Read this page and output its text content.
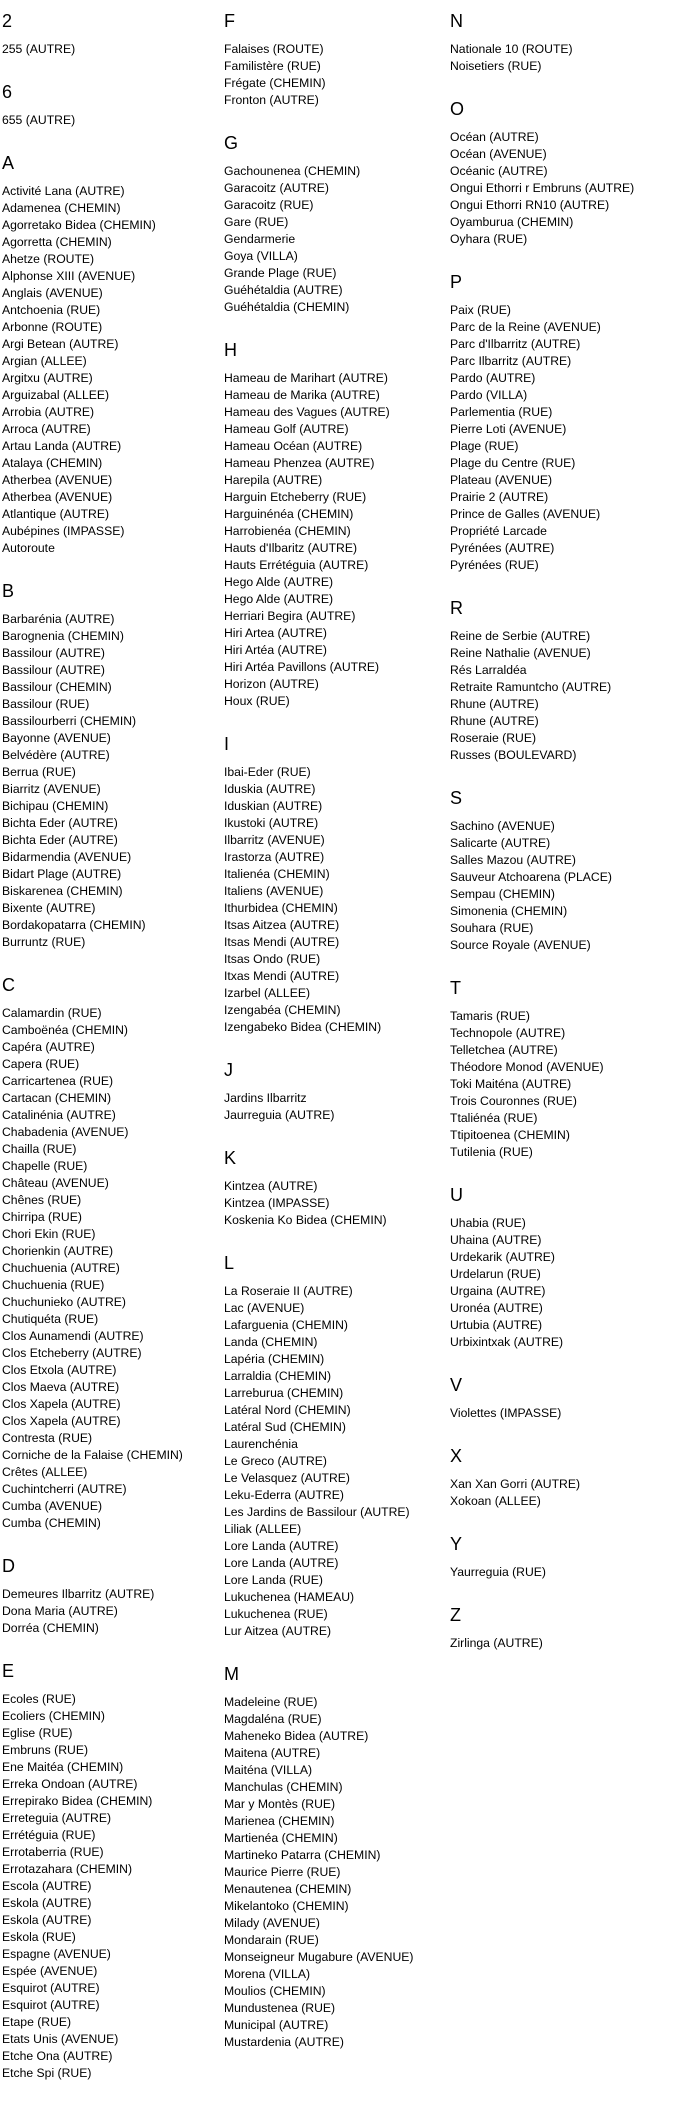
2
255 (AUTRE)
6
655 (AUTRE)
A
Activité Lana (AUTRE)
Adamenea (CHEMIN)
Agorretako Bidea (CHEMIN)
Agorretta (CHEMIN)
Ahetze (ROUTE)
Alphonse XIII (AVENUE)
Anglais (AVENUE)
Antchoenia (RUE)
Arbonne (ROUTE)
Argi Betean (AUTRE)
Argian (ALLEE)
Argitxu (AUTRE)
Arguizabal (ALLEE)
Arrobia (AUTRE)
Arroca (AUTRE)
Artau Landa (AUTRE)
Atalaya (CHEMIN)
Atherbea (AVENUE)
Atherbea (AVENUE)
Atlantique (AUTRE)
Aubépines (IMPASSE)
Autoroute
B
Barbarénia (AUTRE)
Barognenia (CHEMIN)
Bassilour (AUTRE)
Bassilour (AUTRE)
Bassilour (CHEMIN)
Bassilour (RUE)
Bassilourberri (CHEMIN)
Bayonne (AVENUE)
Belvédère (AUTRE)
Berrua (RUE)
Biarritz (AVENUE)
Bichipau (CHEMIN)
Bichta Eder (AUTRE)
Bichta Eder (AUTRE)
Bidarmendia (AVENUE)
Bidart Plage (AUTRE)
Biskarenea (CHEMIN)
Bixente (AUTRE)
Bordakopatarra (CHEMIN)
Burruntz (RUE)
C
Calamardin (RUE)
Camboënéa (CHEMIN)
Capéra (AUTRE)
Capera (RUE)
Carricartenea (RUE)
Cartacan (CHEMIN)
Catalinénia (AUTRE)
Chabadenia (AVENUE)
Chailla (RUE)
Chapelle (RUE)
Château (AVENUE)
Chênes (RUE)
Chirripa (RUE)
Chori Ekin (RUE)
Chorienkin (AUTRE)
Chuchuenia (AUTRE)
Chuchuenia (RUE)
Chuchunieko (AUTRE)
Chutiquéta (RUE)
Clos Aunamendi (AUTRE)
Clos Etcheberry (AUTRE)
Clos Etxola (AUTRE)
Clos Maeva (AUTRE)
Clos Xapela (AUTRE)
Clos Xapela (AUTRE)
Contresta (RUE)
Corniche de la Falaise (CHEMIN)
Crêtes (ALLEE)
Cuchintcherri (AUTRE)
Cumba (AVENUE)
Cumba (CHEMIN)
D
Demeures Ilbarritz (AUTRE)
Dona Maria (AUTRE)
Dorréa (CHEMIN)
E
Ecoles (RUE)
Ecoliers (CHEMIN)
Eglise (RUE)
Embruns (RUE)
Ene Maitéa (CHEMIN)
Erreka Ondoan (AUTRE)
Errepirako Bidea (CHEMIN)
Erreteguia (AUTRE)
Errétéguia (RUE)
Errotaberria (RUE)
Errotazahara (CHEMIN)
Escola (AUTRE)
Eskola (AUTRE)
Eskola (AUTRE)
Eskola (RUE)
Espagne (AVENUE)
Espée (AVENUE)
Esquirot (AUTRE)
Esquirot (AUTRE)
Etape (RUE)
Etats Unis (AVENUE)
Etche Ona (AUTRE)
Etche Spi (RUE)
F
Falaises (ROUTE)
Familistère (RUE)
Frégate (CHEMIN)
Fronton (AUTRE)
G
Gachounenea (CHEMIN)
Garacoitz (AUTRE)
Garacoitz (RUE)
Gare (RUE)
Gendarmerie
Goya (VILLA)
Grande Plage (RUE)
Guéhétaldia (AUTRE)
Guéhétaldia (CHEMIN)
H
Hameau de Marihart (AUTRE)
Hameau de Marika (AUTRE)
Hameau des Vagues (AUTRE)
Hameau Golf (AUTRE)
Hameau Océan (AUTRE)
Hameau Phenzea (AUTRE)
Harepila (AUTRE)
Harguin Etcheberry (RUE)
Harguinénéa (CHEMIN)
Harrobienéa (CHEMIN)
Hauts d'Ilbaritz (AUTRE)
Hauts Errétéguia (AUTRE)
Hego Alde (AUTRE)
Hego Alde (AUTRE)
Herriari Begira (AUTRE)
Hiri Artea (AUTRE)
Hiri Artéa (AUTRE)
Hiri Artéa Pavillons (AUTRE)
Horizon (AUTRE)
Houx (RUE)
I
Ibai-Eder (RUE)
Iduskia (AUTRE)
Iduskian (AUTRE)
Ikustoki (AUTRE)
Ilbarritz (AVENUE)
Irastorza (AUTRE)
Italienéa (CHEMIN)
Italiens (AVENUE)
Ithurbidea (CHEMIN)
Itsas Aitzea (AUTRE)
Itsas Mendi (AUTRE)
Itsas Ondo (RUE)
Itxas Mendi (AUTRE)
Izarbel (ALLEE)
Izengabéa (CHEMIN)
Izengabeko Bidea (CHEMIN)
J
Jardins Ilbarritz
Jaurreguia (AUTRE)
K
Kintzea (AUTRE)
Kintzea (IMPASSE)
Koskenia Ko Bidea (CHEMIN)
L
La Roseraie II (AUTRE)
Lac (AVENUE)
Lafarguenia (CHEMIN)
Landa (CHEMIN)
Lapéria (CHEMIN)
Larraldia (CHEMIN)
Larreburua (CHEMIN)
Latéral Nord (CHEMIN)
Latéral Sud (CHEMIN)
Laurenchénia
Le Greco (AUTRE)
Le Velasquez (AUTRE)
Leku-Ederra (AUTRE)
Les Jardins de Bassilour (AUTRE)
Liliak (ALLEE)
Lore Landa (AUTRE)
Lore Landa (AUTRE)
Lore Landa (RUE)
Lukuchenea (HAMEAU)
Lukuchenea (RUE)
Lur Aitzea (AUTRE)
M
Madeleine (RUE)
Magdaléna (RUE)
Maheneko Bidea (AUTRE)
Maitena (AUTRE)
Maiténa (VILLA)
Manchulas (CHEMIN)
Mar y Montès (RUE)
Marienea (CHEMIN)
Martienéa (CHEMIN)
Martineko Patarra (CHEMIN)
Maurice Pierre (RUE)
Menautenea (CHEMIN)
Mikelantoko (CHEMIN)
Milady (AVENUE)
Mondarain (RUE)
Monseigneur Mugabure (AVENUE)
Morena (VILLA)
Moulios (CHEMIN)
Mundustenea (RUE)
Municipal (AUTRE)
Mustardenia (AUTRE)
N
Nationale 10 (ROUTE)
Noisetiers (RUE)
O
Océan (AUTRE)
Océan (AVENUE)
Océanic (AUTRE)
Ongui Ethorri r Embruns (AUTRE)
Ongui Ethorri RN10 (AUTRE)
Oyamburua (CHEMIN)
Oyhara (RUE)
P
Paix (RUE)
Parc de la Reine (AVENUE)
Parc d'Ilbarritz (AUTRE)
Parc Ilbarritz (AUTRE)
Pardo (AUTRE)
Pardo (VILLA)
Parlementia (RUE)
Pierre Loti (AVENUE)
Plage (RUE)
Plage du Centre (RUE)
Plateau (AVENUE)
Prairie 2 (AUTRE)
Prince de Galles (AVENUE)
Propriété Larcade
Pyrénées (AUTRE)
Pyrénées (RUE)
R
Reine de Serbie (AUTRE)
Reine Nathalie (AVENUE)
Rés Larraldéa
Retraite Ramuntcho (AUTRE)
Rhune (AUTRE)
Rhune (AUTRE)
Roseraie (RUE)
Russes (BOULEVARD)
S
Sachino (AVENUE)
Salicarte (AUTRE)
Salles Mazou (AUTRE)
Sauveur Atchoarena (PLACE)
Sempau (CHEMIN)
Simonenia (CHEMIN)
Souhara (RUE)
Source Royale (AVENUE)
T
Tamaris (RUE)
Technopole (AUTRE)
Telletchea (AUTRE)
Théodore Monod (AVENUE)
Toki Maiténa (AUTRE)
Trois Couronnes (RUE)
Ttaliénéa (RUE)
Ttipitoenea (CHEMIN)
Tutilenia (RUE)
U
Uhabia (RUE)
Uhaina (AUTRE)
Urdekarik (AUTRE)
Urdelarun (RUE)
Urgaina (AUTRE)
Uronéa (AUTRE)
Urtubia (AUTRE)
Urbixintxak (AUTRE)
V
Violettes (IMPASSE)
X
Xan Xan Gorri (AUTRE)
Xokoan (ALLEE)
Y
Yaurreguia (RUE)
Z
Zirlinga (AUTRE)
